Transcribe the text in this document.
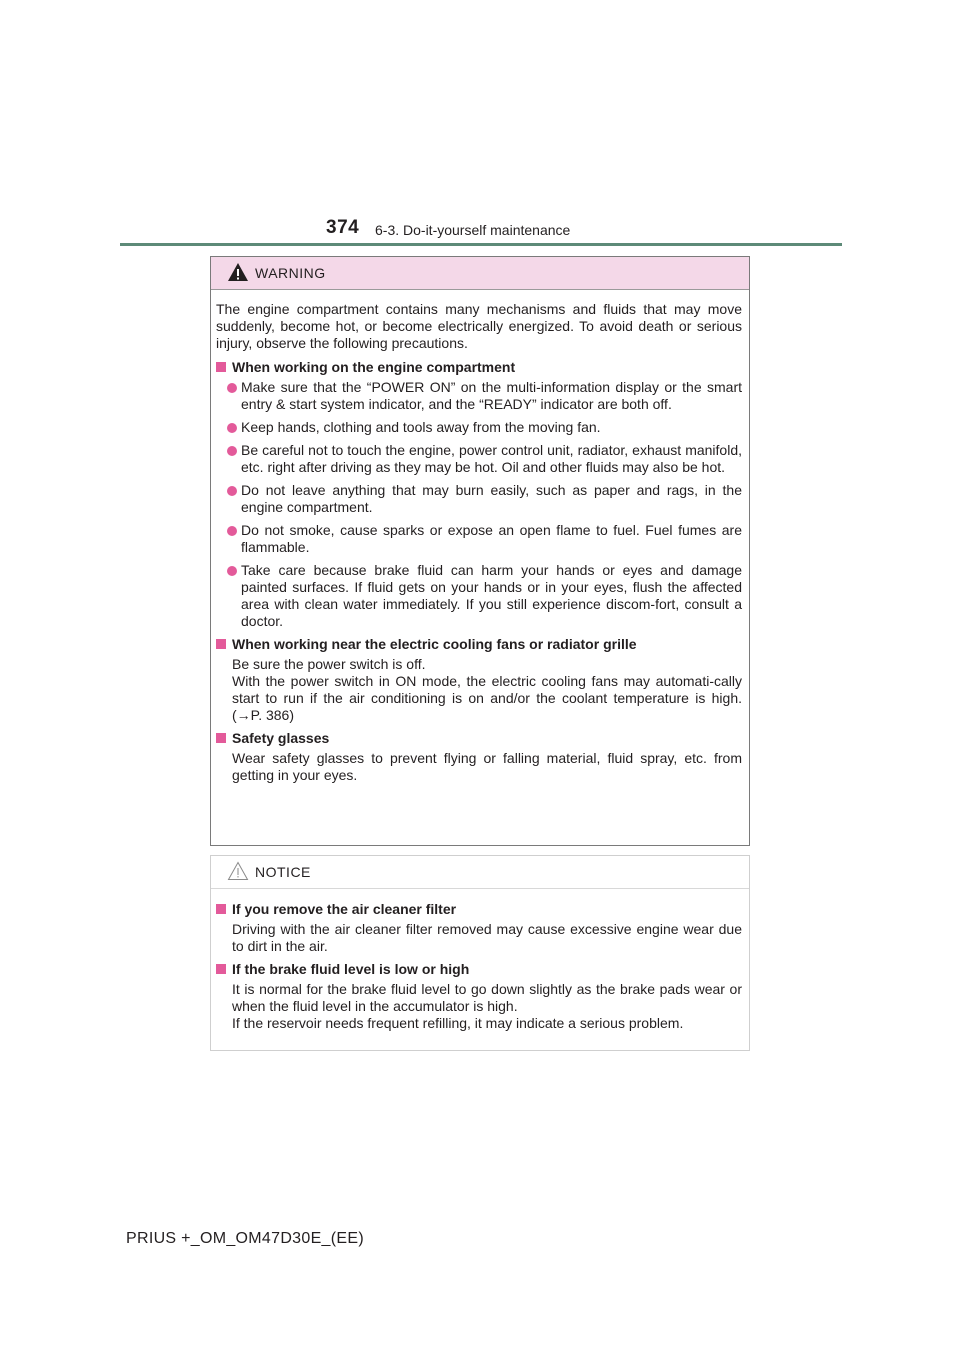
374 6-3. Do-it-yourself maintenance
WARNING

The engine compartment contains many mechanisms and fluids that may move suddenly, become hot, or become electrically energized. To avoid death or serious injury, observe the following precautions.

When working on the engine compartment
Make sure that the “POWER ON” on the multi-information display or the smart entry & start system indicator, and the “READY” indicator are both off.
Keep hands, clothing and tools away from the moving fan.
Be careful not to touch the engine, power control unit, radiator, exhaust manifold, etc. right after driving as they may be hot. Oil and other fluids may also be hot.
Do not leave anything that may burn easily, such as paper and rags, in the engine compartment.
Do not smoke, cause sparks or expose an open flame to fuel. Fuel fumes are flammable.
Take care because brake fluid can harm your hands or eyes and damage painted surfaces. If fluid gets on your hands or in your eyes, flush the affected area with clean water immediately. If you still experience discom-fort, consult a doctor.
When working near the electric cooling fans or radiator grille

Be sure the power switch is off.

With the power switch in ON mode, the electric cooling fans may automati-cally start to run if the air conditioning is on and/or the coolant temperature is high. (→P. 386)

Safety glasses

Wear safety glasses to prevent flying or falling material, fluid spray, etc. from getting in your eyes.

NOTICE
If you remove the air cleaner filter

Driving with the air cleaner filter removed may cause excessive engine wear due to dirt in the air.

If the brake fluid level is low or high

It is normal for the brake fluid level to go down slightly as the brake pads wear or when the fluid level in the accumulator is high.

If the reservoir needs frequent refilling, it may indicate a serious problem.

PRIUS +_OM_OM47D30E_(EE)
